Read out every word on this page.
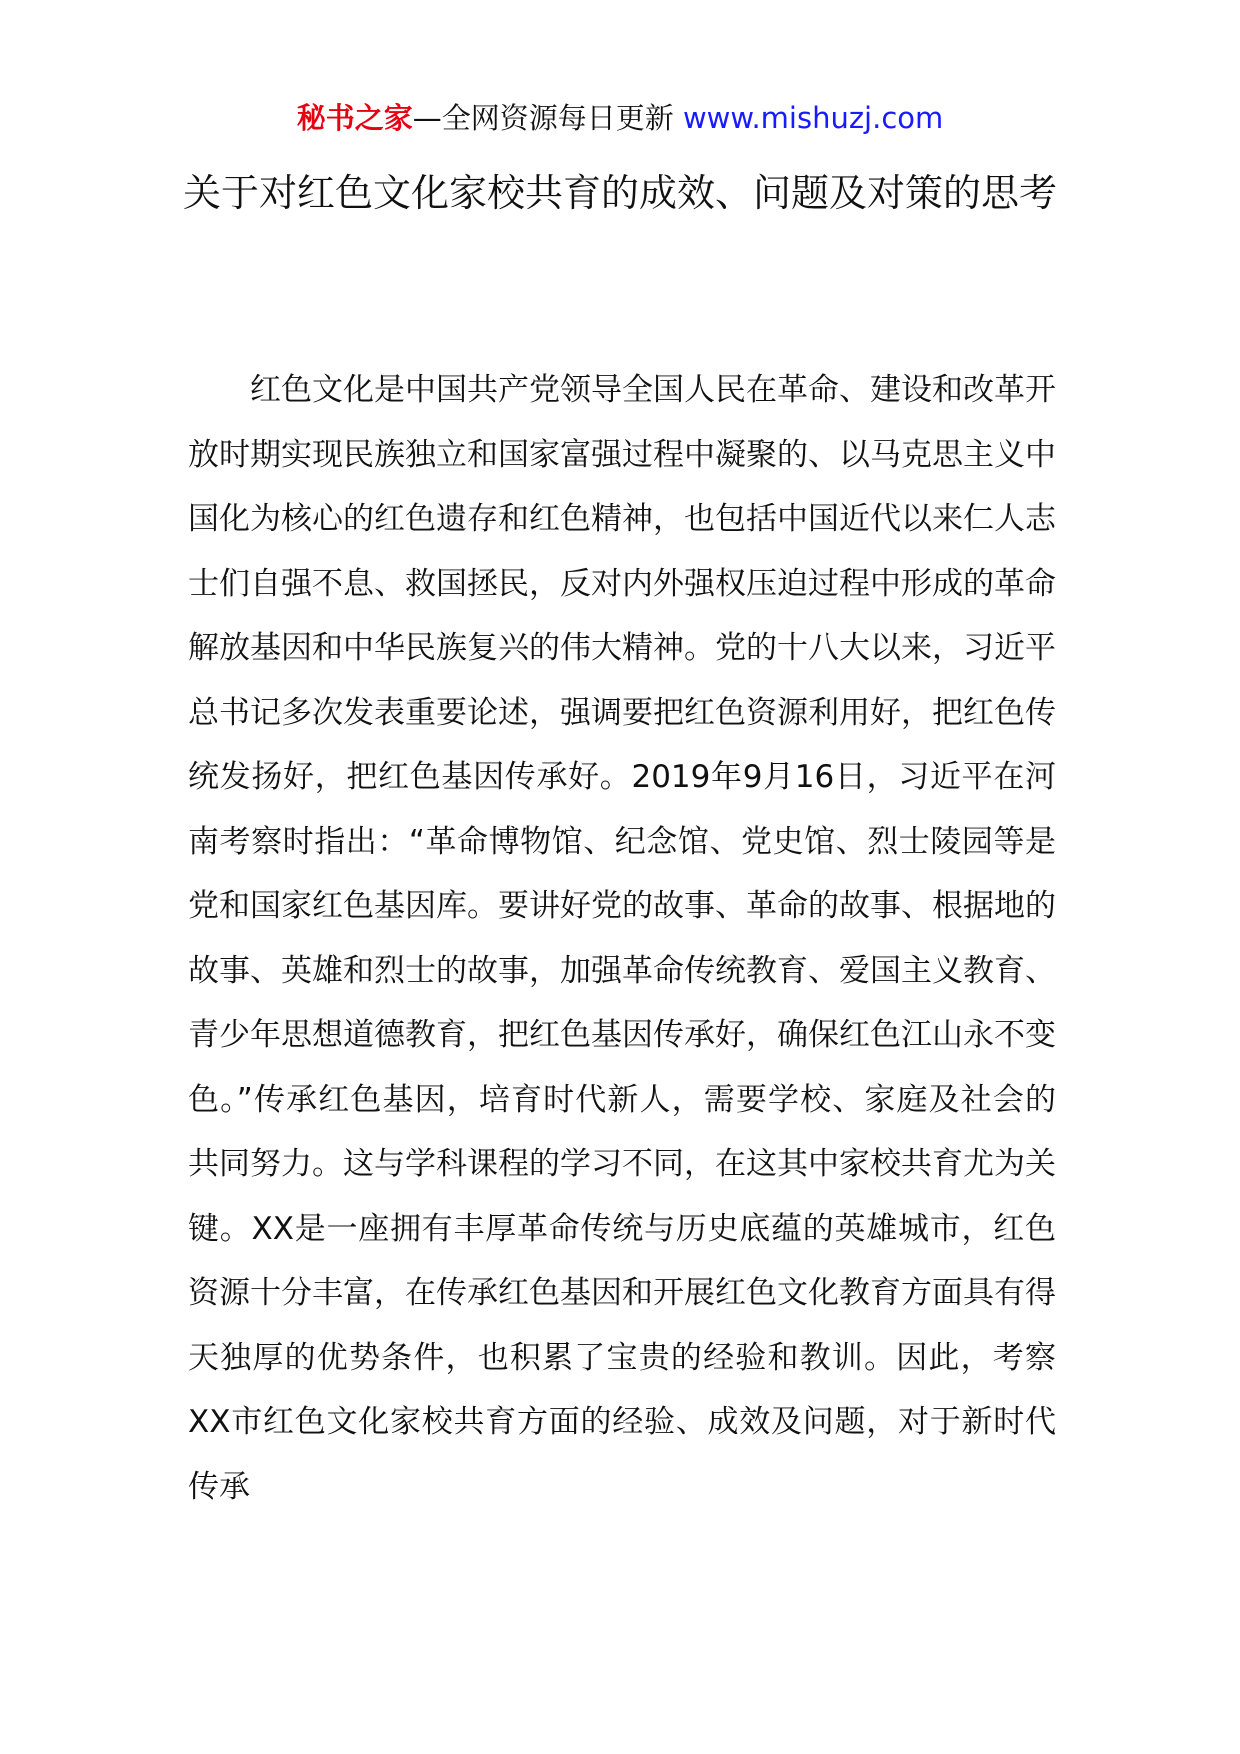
秘书之家—全网资源每日更新 www.mishuzj.com
关于对红色文化家校共育的成效、问题及对策的思考

红色文化是中国共产党领导全国人民在革命、建设和改革开放时期实现民族独立和国家富强过程中凝聚的、以马克思主义中国化为核心的红色遗存和红色精神，也包括中国近代以来仁人志士们自强不息、救国拯民，反对内外强权压迫过程中形成的革命解放基因和中华民族复兴的伟大精神。党的十八大以来，习近平总书记多次发表重要论述，强调要把红色资源利用好，把红色传统发扬好，把红色基因传承好。2019年9月16日，习近平在河南考察时指出：“革命博物馆、纪念馆、党史馆、烈士陵园等是党和国家红色基因库。要讲好党的故事、革命的故事、根据地的故事、英雄和烈士的故事，加强革命传统教育、爱国主义教育、青少年思想道德教育，把红色基因传承好，确保红色江山永不变色。”传承红色基因，培育时代新人，需要学校、家庭及社会的共同努力。这与学科课程的学习不同，在这其中家校共育尤为关键。XX是一座拥有丰厚革命传统与历史底蕴的英雄城市，红色资源十分丰富，在传承红色基因和开展红色文化教育方面具有得天独厚的优势条件，也积累了宝贵的经验和教训。因此，考察XX市红色文化家校共育方面的经验、成效及问题，对于新时代传承
